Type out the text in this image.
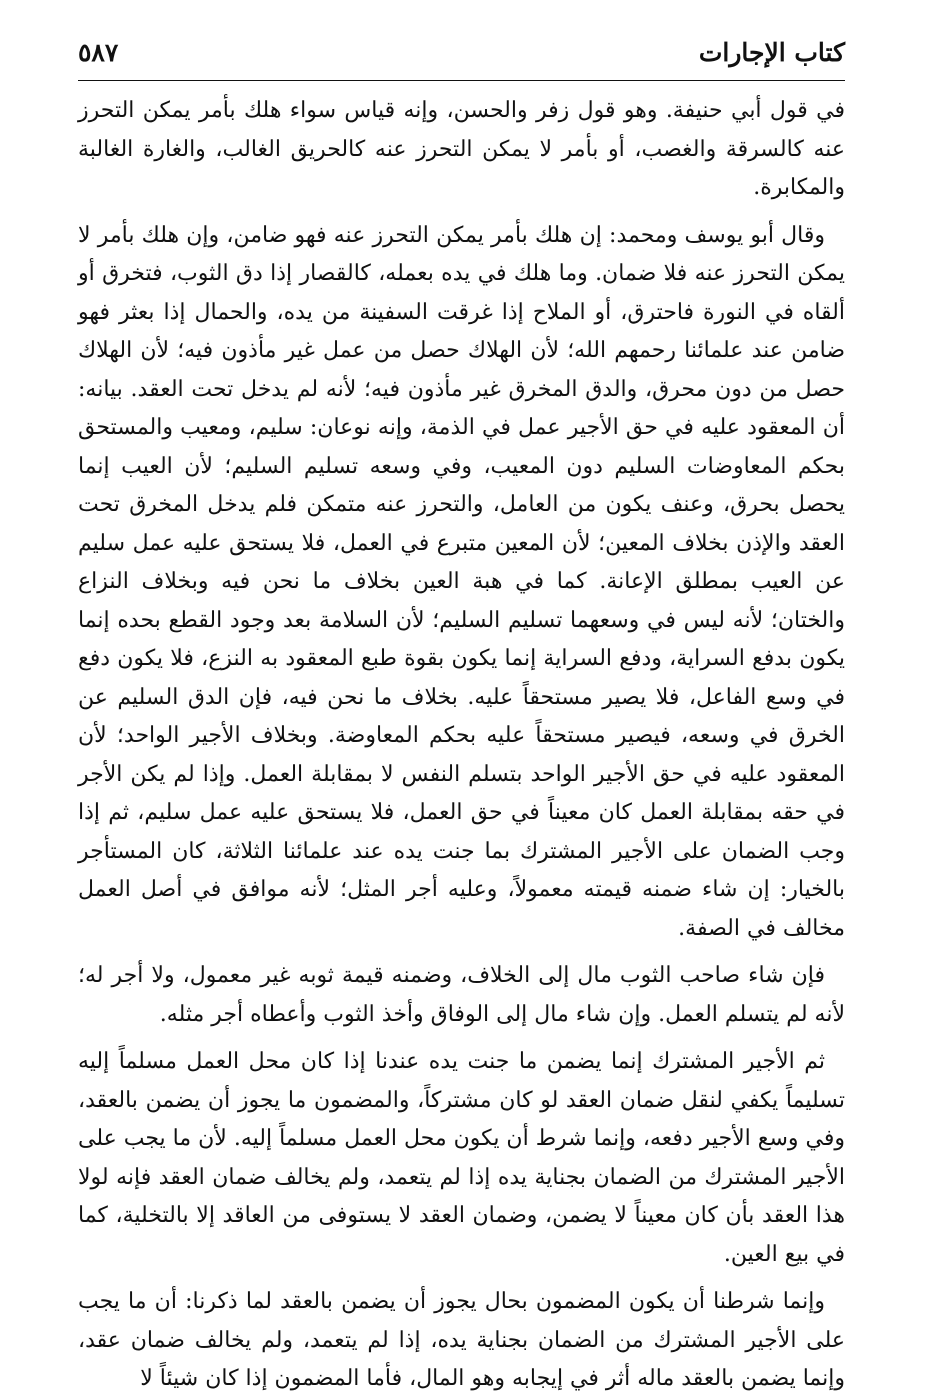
كتاب الإجارات
٥٨٧

في قول أبي حنيفة. وهو قول زفر والحسن، وإنه قياس سواء هلك بأمر يمكن التحرز عنه كالسرقة والغصب، أو بأمر لا يمكن التحرز عنه كالحريق الغالب، والغارة الغالبة والمكابرة.

وقال أبو يوسف ومحمد: إن هلك بأمر يمكن التحرز عنه فهو ضامن، وإن هلك بأمر لا يمكن التحرز عنه فلا ضمان. وما هلك في يده بعمله، كالقصار إذا دق الثوب، فتخرق أو ألقاه في النورة فاحترق، أو الملاح إذا غرقت السفينة من يده، والحمال إذا بعثر فهو ضامن عند علمائنا رحمهم الله؛ لأن الهلاك حصل من عمل غير مأذون فيه؛ لأن الهلاك حصل من دون محرق، والدق المخرق غير مأذون فيه؛ لأنه لم يدخل تحت العقد. بيانه: أن المعقود عليه في حق الأجير عمل في الذمة، وإنه نوعان: سليم، ومعيب والمستحق بحكم المعاوضات السليم دون المعيب، وفي وسعه تسليم السليم؛ لأن العيب إنما يحصل بحرق، وعنف يكون من العامل، والتحرز عنه متمكن فلم يدخل المخرق تحت العقد والإذن بخلاف المعين؛ لأن المعين متبرع في العمل، فلا يستحق عليه عمل سليم عن العيب بمطلق الإعانة. كما في هبة العين بخلاف ما نحن فيه وبخلاف النزاع والختان؛ لأنه ليس في وسعهما تسليم السليم؛ لأن السلامة بعد وجود القطع بحده إنما يكون بدفع السراية، ودفع السراية إنما يكون بقوة طبع المعقود به النزع، فلا يكون دفع في وسع الفاعل، فلا يصير مستحقاً عليه. بخلاف ما نحن فيه، فإن الدق السليم عن الخرق في وسعه، فيصير مستحقاً عليه بحكم المعاوضة. وبخلاف الأجير الواحد؛ لأن المعقود عليه في حق الأجير الواحد بتسلم النفس لا بمقابلة العمل. وإذا لم يكن الأجر في حقه بمقابلة العمل كان معيناً في حق العمل، فلا يستحق عليه عمل سليم، ثم إذا وجب الضمان على الأجير المشترك بما جنت يده عند علمائنا الثلاثة، كان المستأجر بالخيار: إن شاء ضمنه قيمته معمولاً، وعليه أجر المثل؛ لأنه موافق في أصل العمل مخالف في الصفة.

فإن شاء صاحب الثوب مال إلى الخلاف، وضمنه قيمة ثوبه غير معمول، ولا أجر له؛ لأنه لم يتسلم العمل. وإن شاء مال إلى الوفاق وأخذ الثوب وأعطاه أجر مثله.

ثم الأجير المشترك إنما يضمن ما جنت يده عندنا إذا كان محل العمل مسلماً إليه تسليماً يكفي لنقل ضمان العقد لو كان مشتركاً، والمضمون ما يجوز أن يضمن بالعقد، وفي وسع الأجير دفعه، وإنما شرط أن يكون محل العمل مسلماً إليه. لأن ما يجب على الأجير المشترك من الضمان بجناية يده إذا لم يتعمد، ولم يخالف ضمان العقد فإنه لولا هذا العقد بأن كان معيناً لا يضمن، وضمان العقد لا يستوفى من العاقد إلا بالتخلية، كما في بيع العين.

وإنما شرطنا أن يكون المضمون بحال يجوز أن يضمن بالعقد لما ذكرنا: أن ما يجب على الأجير المشترك من الضمان بجناية يده، إذا لم يتعمد، ولم يخالف ضمان عقد، وإنما يضمن بالعقد ماله أثر في إيجابه وهو المال، فأما المضمون إذا كان شيئاً لا
